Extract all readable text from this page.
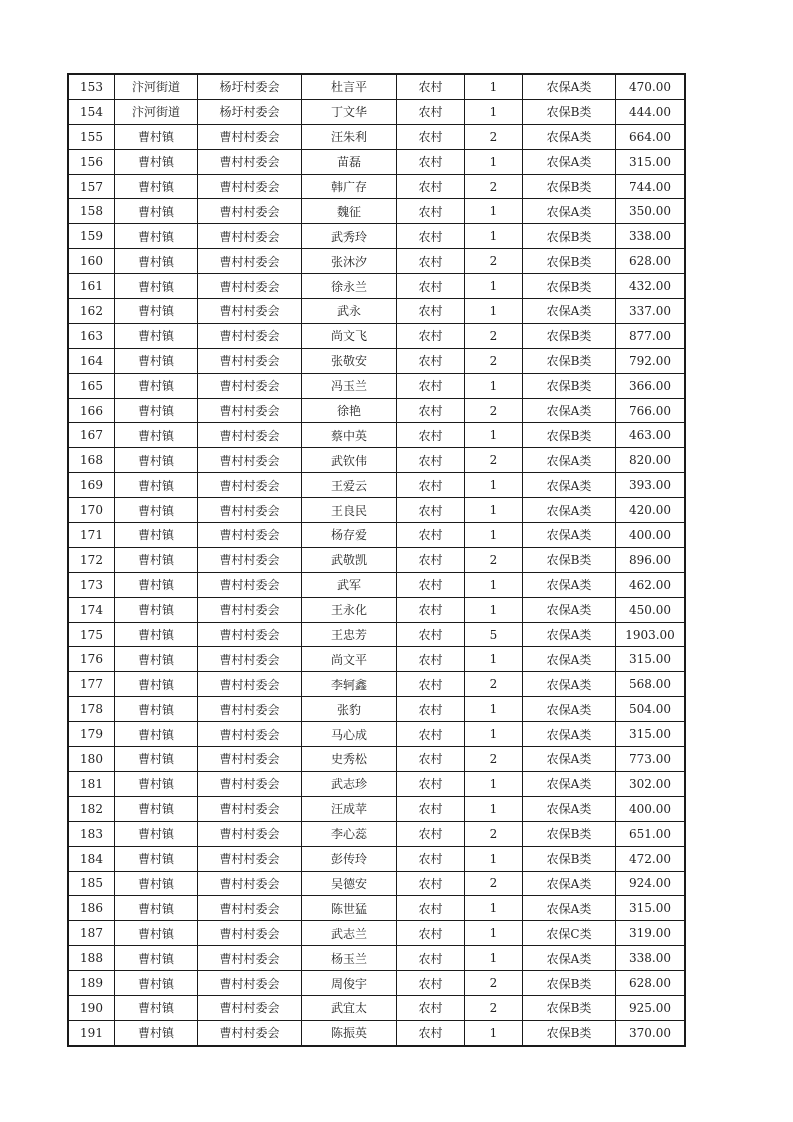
153	汴河街道	杨圩村委会	杜言平	农村	1	农保A类	470.00
154	汴河街道	杨圩村委会	丁文华	农村	1	农保B类	444.00
155	曹村镇	曹村村委会	汪朱利	农村	2	农保A类	664.00
156	曹村镇	曹村村委会	苗磊	农村	1	农保A类	315.00
157	曹村镇	曹村村委会	韩广存	农村	2	农保B类	744.00
158	曹村镇	曹村村委会	魏征	农村	1	农保A类	350.00
159	曹村镇	曹村村委会	武秀玲	农村	1	农保B类	338.00
160	曹村镇	曹村村委会	张沐汐	农村	2	农保B类	628.00
161	曹村镇	曹村村委会	徐永兰	农村	1	农保B类	432.00
162	曹村镇	曹村村委会	武永	农村	1	农保A类	337.00
163	曹村镇	曹村村委会	尚文飞	农村	2	农保B类	877.00
164	曹村镇	曹村村委会	张敬安	农村	2	农保B类	792.00
165	曹村镇	曹村村委会	冯玉兰	农村	1	农保B类	366.00
166	曹村镇	曹村村委会	徐艳	农村	2	农保A类	766.00
167	曹村镇	曹村村委会	蔡中英	农村	1	农保B类	463.00
168	曹村镇	曹村村委会	武钦伟	农村	2	农保A类	820.00
169	曹村镇	曹村村委会	王爱云	农村	1	农保A类	393.00
170	曹村镇	曹村村委会	王良民	农村	1	农保A类	420.00
171	曹村镇	曹村村委会	杨存爱	农村	1	农保A类	400.00
172	曹村镇	曹村村委会	武敬凯	农村	2	农保B类	896.00
173	曹村镇	曹村村委会	武军	农村	1	农保A类	462.00
174	曹村镇	曹村村委会	王永化	农村	1	农保A类	450.00
175	曹村镇	曹村村委会	王忠芳	农村	5	农保A类	1903.00
176	曹村镇	曹村村委会	尚文平	农村	1	农保A类	315.00
177	曹村镇	曹村村委会	李轲鑫	农村	2	农保A类	568.00
178	曹村镇	曹村村委会	张豹	农村	1	农保A类	504.00
179	曹村镇	曹村村委会	马心成	农村	1	农保A类	315.00
180	曹村镇	曹村村委会	史秀松	农村	2	农保A类	773.00
181	曹村镇	曹村村委会	武志珍	农村	1	农保A类	302.00
182	曹村镇	曹村村委会	汪成苹	农村	1	农保A类	400.00
183	曹村镇	曹村村委会	李心蕊	农村	2	农保B类	651.00
184	曹村镇	曹村村委会	彭传玲	农村	1	农保B类	472.00
185	曹村镇	曹村村委会	吴德安	农村	2	农保A类	924.00
186	曹村镇	曹村村委会	陈世猛	农村	1	农保A类	315.00
187	曹村镇	曹村村委会	武志兰	农村	1	农保C类	319.00
188	曹村镇	曹村村委会	杨玉兰	农村	1	农保A类	338.00
189	曹村镇	曹村村委会	周俊宇	农村	2	农保B类	628.00
190	曹村镇	曹村村委会	武宜太	农村	2	农保B类	925.00
191	曹村镇	曹村村委会	陈振英	农村	1	农保B类	370.00
